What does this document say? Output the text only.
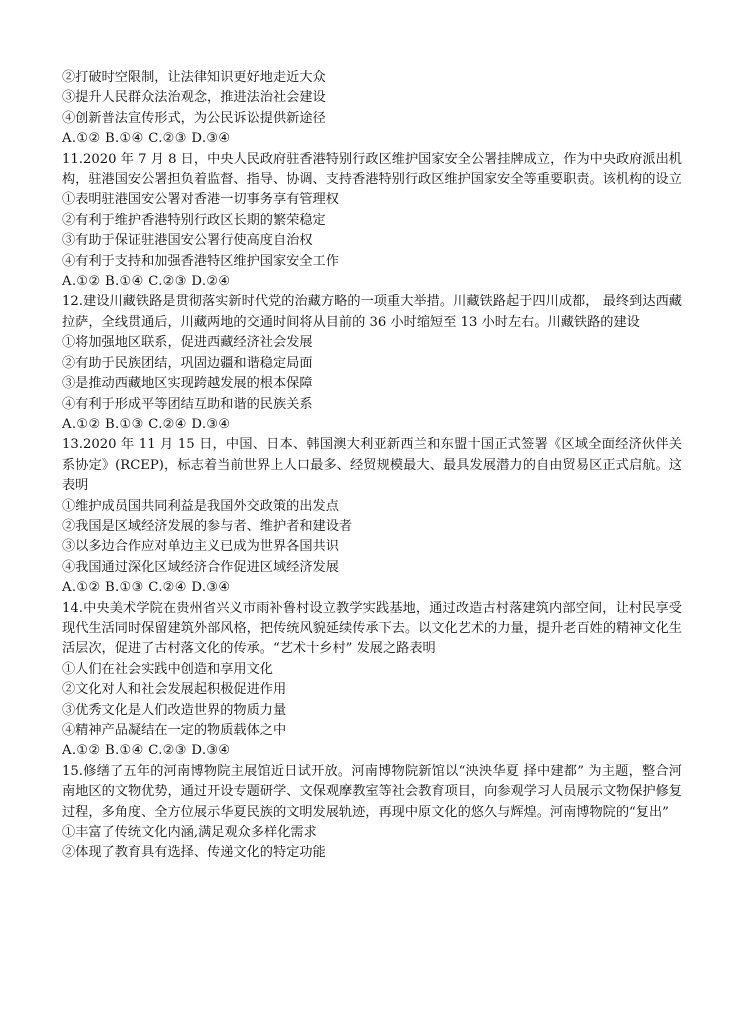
②打破时空限制，让法律知识更好地走近大众
③提升人民群众法治观念，推进法治社会建设
④创新普法宣传形式，为公民诉讼提供新途径
A.①② B.①④ C.②③ D.③④
11.2020 年 7 月 8 日，中央人民政府驻香港特别行政区维护国家安全公署挂牌成立，作为中央政府派出机构，驻港国安公署担负着监督、指导、协调、支持香港特别行政区维护国家安全等重要职责。该机构的设立
①表明驻港国安公署对香港一切事务享有管理权
②有利于维护香港特别行政区长期的繁荣稳定
③有助于保证驻港国安公署行使高度自治权
④有利于支持和加强香港特区维护国家安全工作
A.①② B.①④ C.②③ D.②④
12.建设川藏铁路是贯彻落实新时代党的治藏方略的一项重大举措。川藏铁路起于四川成都， 最终到达西藏拉萨，全线贯通后，川藏两地的交通时间将从目前的 36 小时缩短至 13 小时左右。川藏铁路的建设
①将加强地区联系，促进西藏经济社会发展
②有助于民族团结，巩固边疆和谐稳定局面
③是推动西藏地区实现跨越发展的根本保障
④有利于形成平等团结互助和谐的民族关系
A.①② B.①③ C.②④ D.③④
13.2020 年 11 月 15 日，中国、日本、韩国澳大利亚新西兰和东盟十国正式签署《区域全面经济伙伴关系协定》(RCEP)，标志着当前世界上人口最多、经贸规模最大、最具发展潜力的自由贸易区正式启航。这表明
①维护成员国共同利益是我国外交政策的出发点
②我国是区域经济发展的参与者、维护者和建设者
③以多边合作应对单边主义已成为世界各国共识
④我国通过深化区域经济合作促进区域经济发展
A.①② B.①③ C.②④ D.③④
14.中央美术学院在贵州省兴义市雨补鲁村设立教学实践基地，通过改造古村落建筑内部空间，让村民享受现代生活同时保留建筑外部风格，把传统风貌延续传承下去。以文化艺术的力量，提升老百姓的精神文化生活层次，促进了古村落文化的传承。“艺术十乡村” 发展之路表明
①人们在社会实践中创造和享用文化
②文化对人和社会发展起积极促进作用
③优秀文化是人们改造世界的物质力量
④精神产品凝结在一定的物质载体之中
A.①② B.①④ C.②③ D.③④
15.修缮了五年的河南博物院主展馆近日试开放。河南博物院新馆以“泱泱华夏 择中建都” 为主题，整合河南地区的文物优势，通过开设专题研学、文保观摩教室等社会教育项目，向参观学习人员展示文物保护修复过程，多角度、全方位展示华夏民族的文明发展轨迹，再现中原文化的悠久与辉煌。河南博物院的“复出”
①丰富了传统文化内涵,满足观众多样化需求
②体现了教育具有选择、传递文化的特定功能
